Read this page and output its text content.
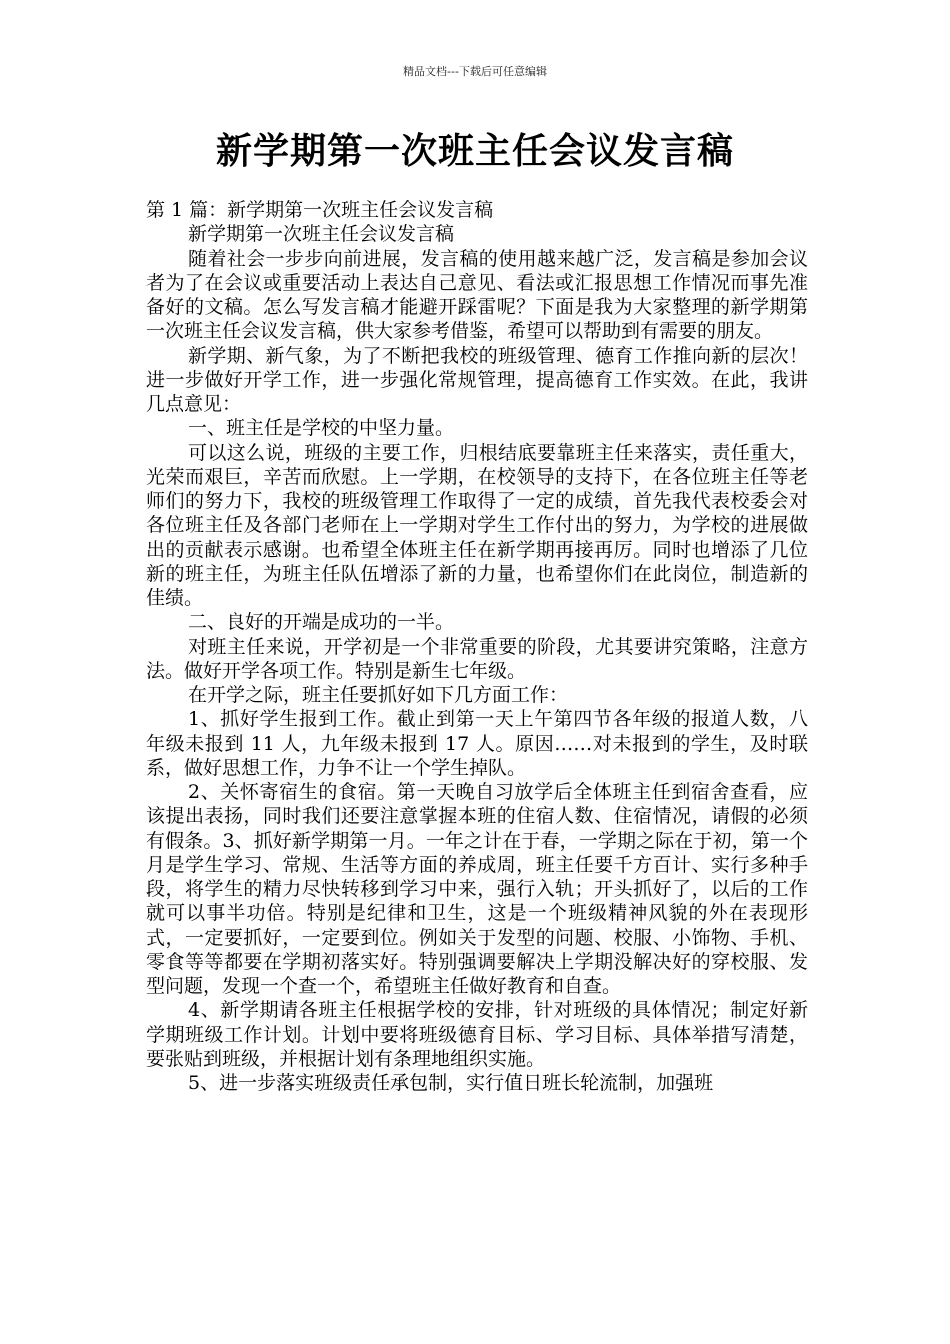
精品文档---下载后可任意编辑
新学期第一次班主任会议发言稿

第 1 篇：新学期第一次班主任会议发言稿

新学期第一次班主任会议发言稿

随着社会一步步向前进展，发言稿的使用越来越广泛，发言稿是参加会议者为了在会议或重要活动上表达自己意见、看法或汇报思想工作情况而事先准备好的文稿。怎么写发言稿才能避开踩雷呢？下面是我为大家整理的新学期第一次班主任会议发言稿，供大家参考借鉴，希望可以帮助到有需要的朋友。

新学期、新气象，为了不断把我校的班级管理、德育工作推向新的层次！进一步做好开学工作，进一步强化常规管理，提高德育工作实效。在此，我讲几点意见：

一、班主任是学校的中坚力量。

可以这么说，班级的主要工作，归根结底要靠班主任来落实，责任重大，光荣而艰巨，辛苦而欣慰。上一学期，在校领导的支持下，在各位班主任等老师们的努力下，我校的班级管理工作取得了一定的成绩，首先我代表校委会对各位班主任及各部门老师在上一学期对学生工作付出的努力，为学校的进展做出的贡献表示感谢。也希望全体班主任在新学期再接再厉。同时也增添了几位新的班主任，为班主任队伍增添了新的力量，也希望你们在此岗位，制造新的佳绩。

二、良好的开端是成功的一半。

对班主任来说，开学初是一个非常重要的阶段，尤其要讲究策略，注意方法。做好开学各项工作。特别是新生七年级。

在开学之际，班主任要抓好如下几方面工作：

1、抓好学生报到工作。截止到第一天上午第四节各年级的报道人数，八年级未报到 11 人，九年级未报到 17 人。原因……对未报到的学生，及时联系，做好思想工作，力争不让一个学生掉队。

2、关怀寄宿生的食宿。第一天晚自习放学后全体班主任到宿舍查看，应该提出表扬，同时我们还要注意掌握本班的住宿人数、住宿情况，请假的必须有假条。3、抓好新学期第一月。一年之计在于春，一学期之际在于初，第一个月是学生学习、常规、生活等方面的养成周，班主任要千方百计、实行多种手段，将学生的精力尽快转移到学习中来，强行入轨；开头抓好了，以后的工作就可以事半功倍。特别是纪律和卫生，这是一个班级精神风貌的外在表现形式，一定要抓好，一定要到位。例如关于发型的问题、校服、小饰物、手机、零食等等都要在学期初落实好。特别强调要解决上学期没解决好的穿校服、发型问题，发现一个查一个，希望班主任做好教育和自查。

4、新学期请各班主任根据学校的安排，针对班级的具体情况；制定好新学期班级工作计划。计划中要将班级德育目标、学习目标、具体举措写清楚，要张贴到班级，并根据计划有条理地组织实施。

5、进一步落实班级责任承包制，实行值日班长轮流制，加强班
